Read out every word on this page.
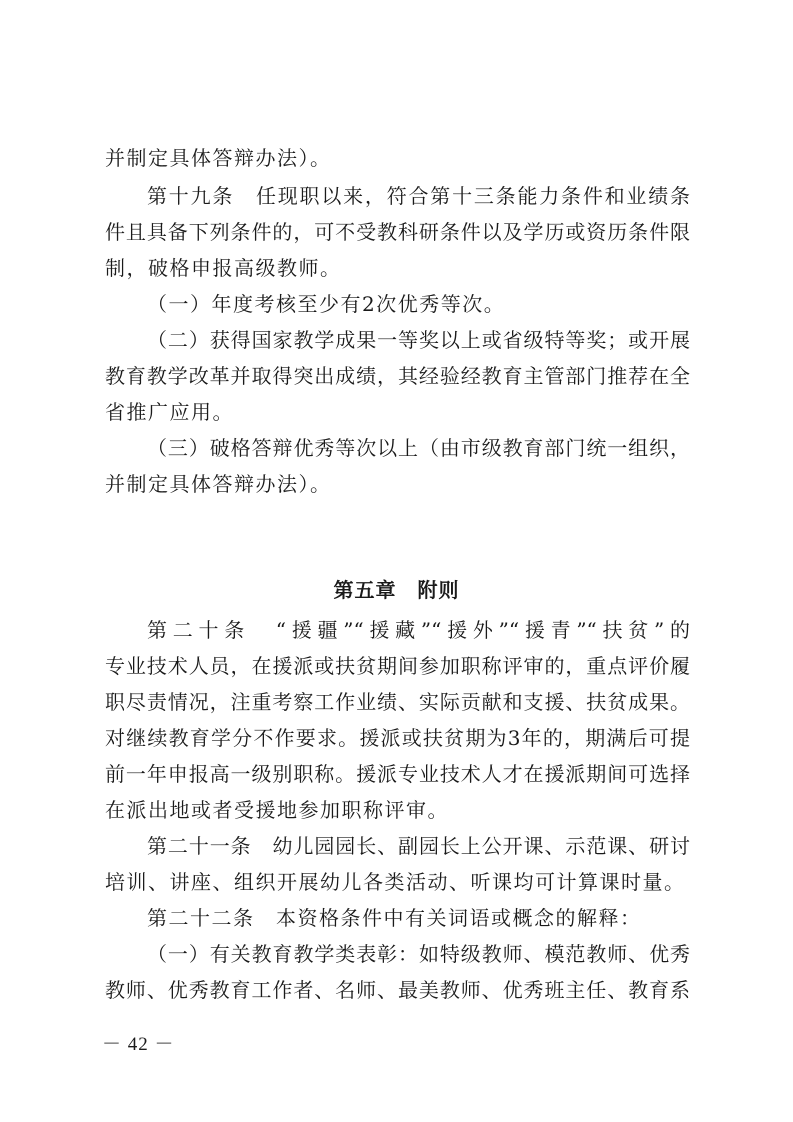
并制定具体答辩办法）。
第十九条　任现职以来，符合第十三条能力条件和业绩条
件且具备下列条件的，可不受教科研条件以及学历或资历条件限
制，破格申报高级教师。
（一）年度考核至少有2次优秀等次。
（二）获得国家教学成果一等奖以上或省级特等奖；或开展
教育教学改革并取得突出成绩，其经验经教育主管部门推荐在全
省推广应用。
（三）破格答辩优秀等次以上（由市级教育部门统一组织，
并制定具体答辩办法）。
第五章　附则
第二十条　“援疆”“援藏”“援外”“援青”“扶贫”的
专业技术人员，在援派或扶贫期间参加职称评审的，重点评价履
职尽责情况，注重考察工作业绩、实际贡献和支援、扶贫成果。
对继续教育学分不作要求。援派或扶贫期为3年的，期满后可提
前一年申报高一级别职称。援派专业技术人才在援派期间可选择
在派出地或者受援地参加职称评审。
第二十一条　幼儿园园长、副园长上公开课、示范课、研讨
培训、讲座、组织开展幼儿各类活动、听课均可计算课时量。
第二十二条　本资格条件中有关词语或概念的解释：
（一）有关教育教学类表彰：如特级教师、模范教师、优秀
教师、优秀教育工作者、名师、最美教师、优秀班主任、教育系
－ 42 －
